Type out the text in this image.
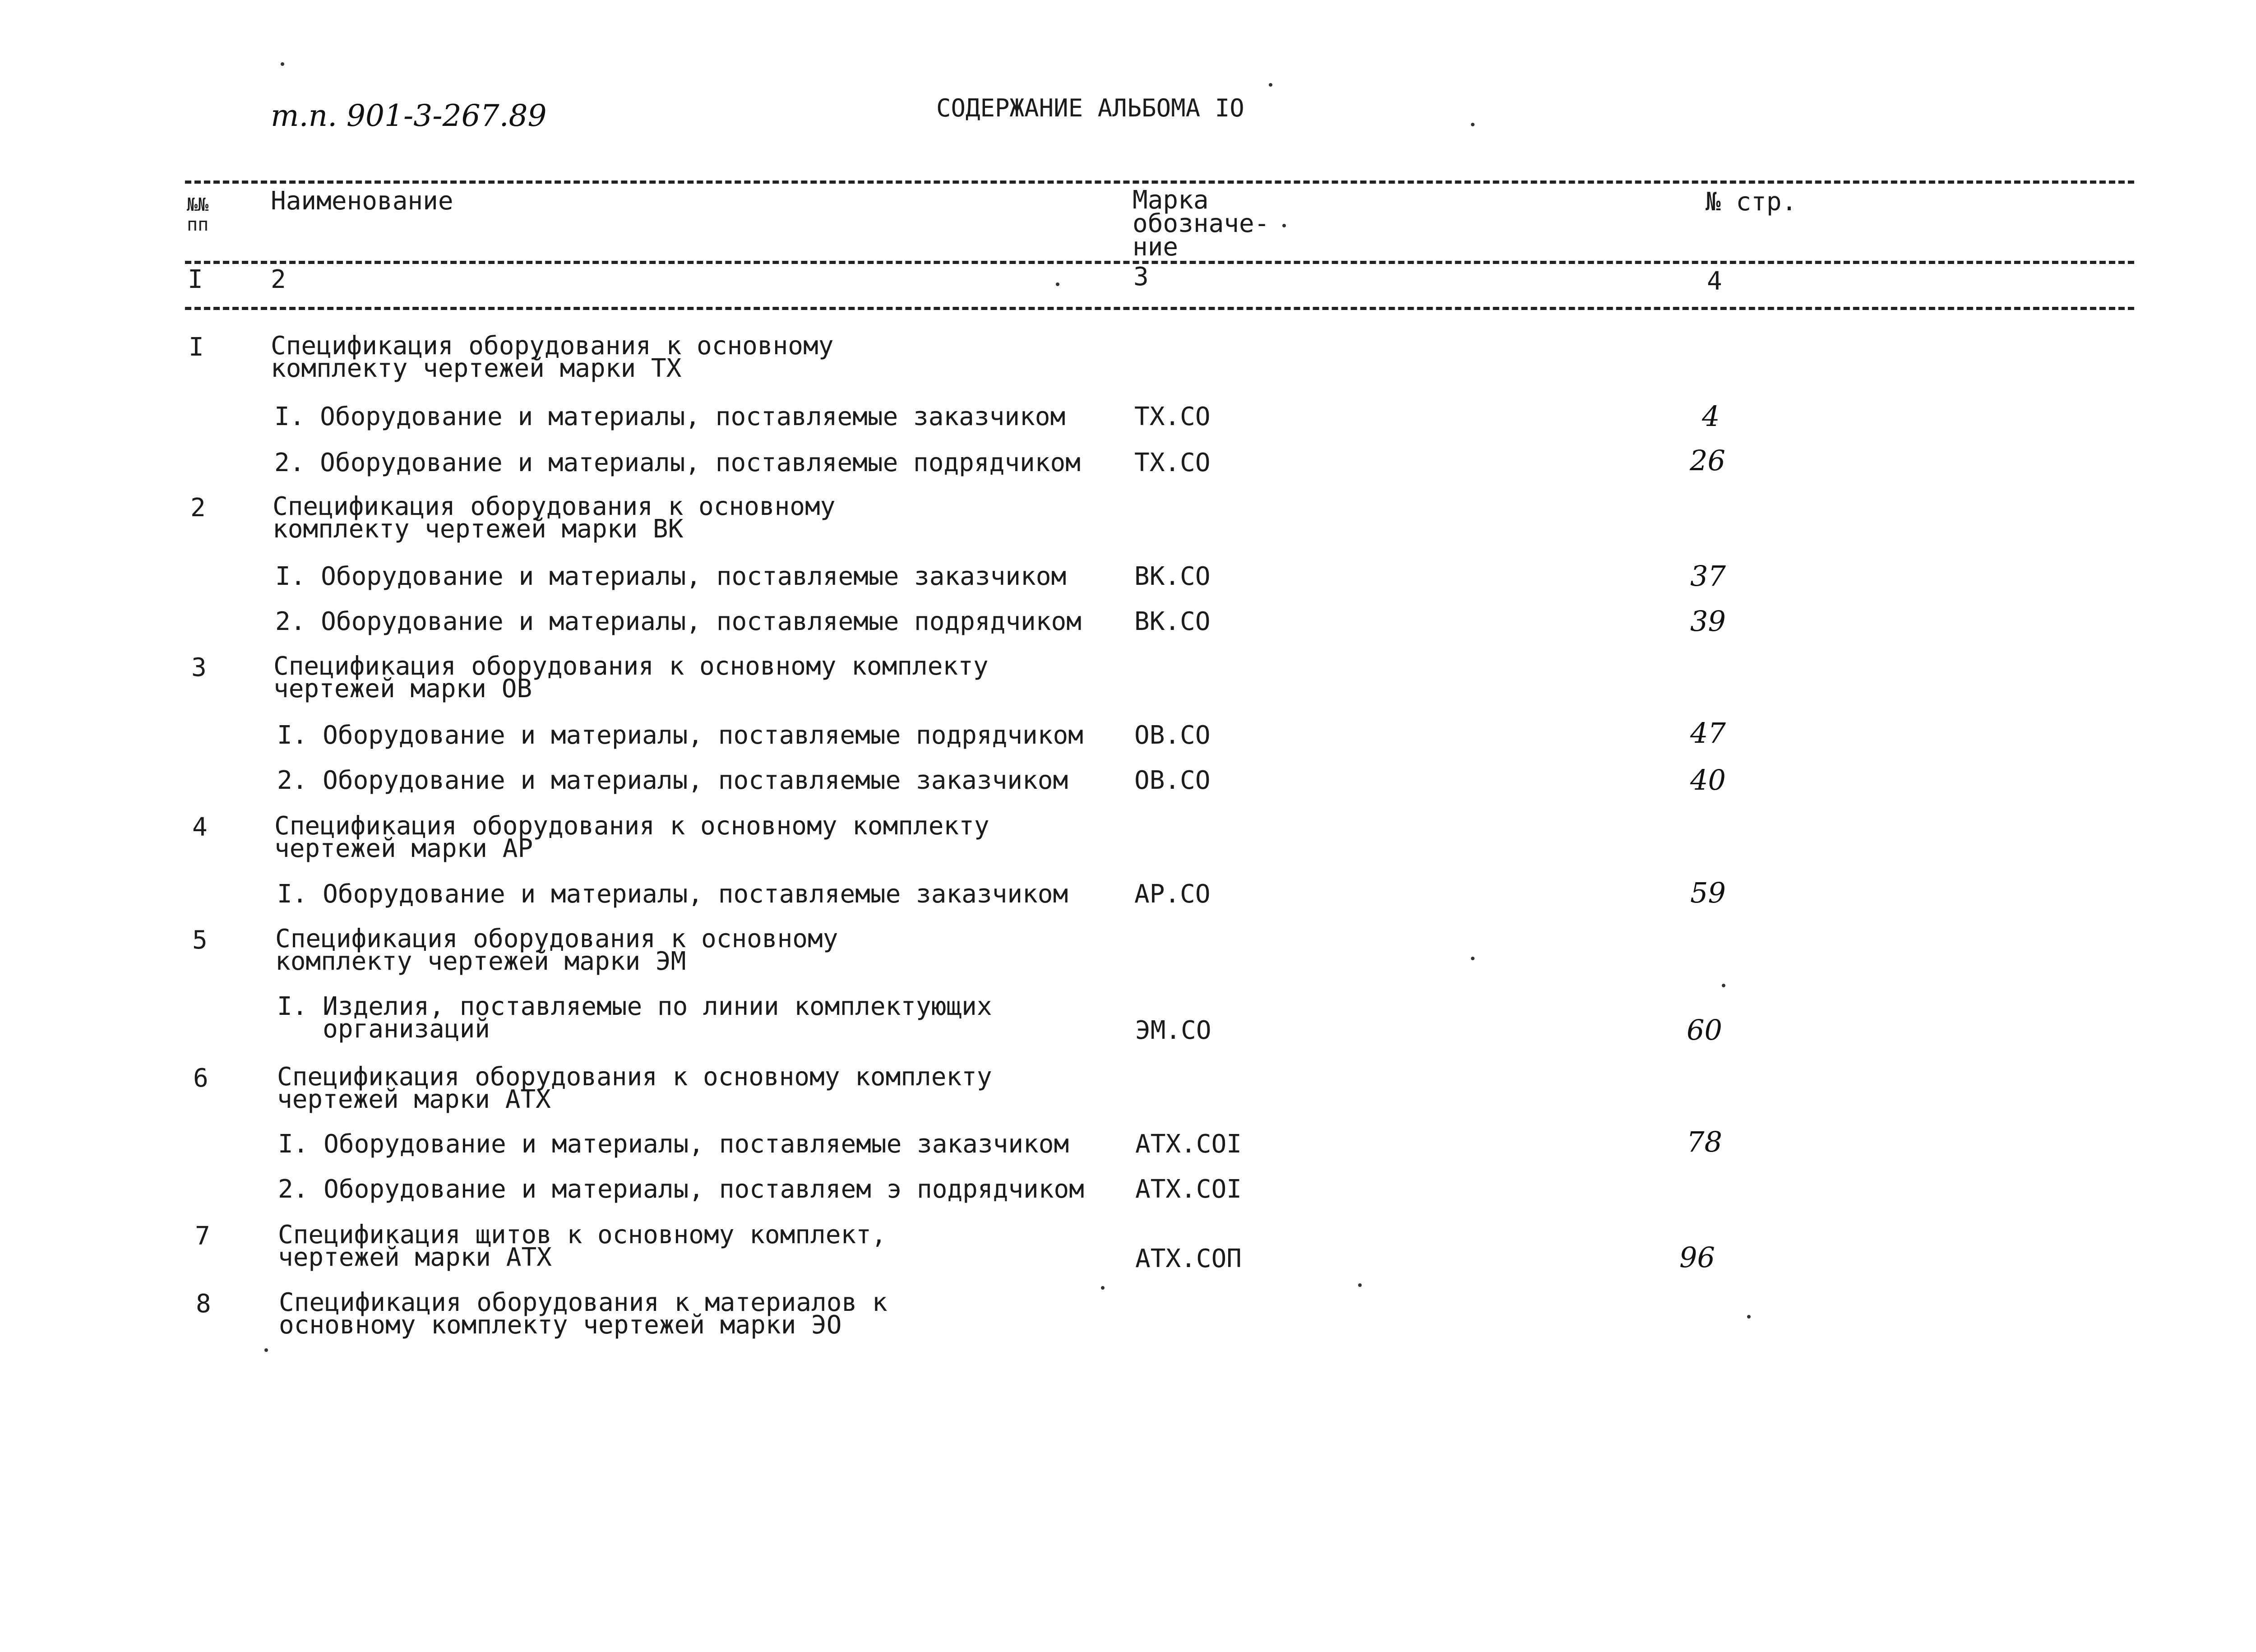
т.п. 901-3-267.89	СОДЕРЖАНИЕ АЛЬБОМА IO
№№
пп
Наименование	Марка
обозначе-
ние
№ стр.
I	2	3	4
I	Спецификация оборудования к основному
комплекту чертежей марки ТХ
I. Оборудование и материалы, поставляемые заказчиком	ТХ.СО	4
2. Оборудование и материалы, поставляемые подрядчиком ТХ.СО	26
2	Спецификация оборудования к основному
комплекту чертежей марки ВК
I. Оборудование и материалы, поставляемые заказчиком	ВК.СО	37
2. Оборудование и материалы, поставляемые подрядчиком ВК.СО	39
3	Спецификация оборудования к основному комплекту
чертежей марки ОВ
I. Оборудование и материалы, поставляемые подрядчиком ОВ.СО	47
2. Оборудование и материалы, поставляемые заказчиком	ОВ.СО	40
4	Спецификация оборудования к основному комплекту
чертежей марки АР
I. Оборудование и материалы, поставляемые заказчиком	АР.СО	59
5	Спецификация оборудования к основному
комплекту чертежей марки ЭМ
I. Изделия, поставляемые по линии комплектующих
организаций	ЭМ.СО	60
6	Спецификация оборудования к основному комплекту
чертежей марки АТХ
I. Оборудование и материалы, поставляемые заказчиком	АТХ.СОI	78
2. Оборудование и материалы, поставляем э подрядчиком АТХ.СОI
7	Спецификация щитов к основному комплект,
чертежей марки АТХ	АТХ.СОП	96
8	Спецификация оборудования к материалов к
основному комплекту чертежей марки ЭО
